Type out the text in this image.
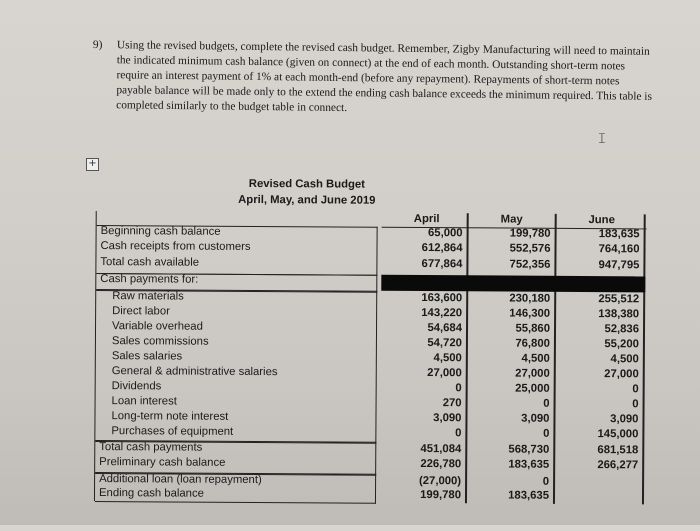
9) Using the revised budgets, complete the revised cash budget. Remember, Zigby Manufacturing will need to maintain the indicated minimum cash balance (given on connect) at the end of each month. Outstanding short-term notes require an interest payment of 1% at each month-end (before any repayment). Repayments of short-term notes payable balance will be made only to the extend the ending cash balance exceeds the minimum required. This table is completed similarly to the budget table in connect.
𝙸
+
Revised Cash Budget
April, May, and June 2019
April	May	June
Beginning cash balance	65,000	199,780	183,635
Cash receipts from customers	612,864	552,576	764,160
Total cash available	677,864	752,356	947,795
Cash payments for:
Raw materials	163,600	230,180	255,512
Direct labor	143,220	146,300	138,380
Variable overhead	54,684	55,860	52,836
Sales commissions	54,720	76,800	55,200
Sales salaries	4,500	4,500	4,500
General & administrative salaries	27,000	27,000	27,000
Dividends	0	25,000	0
Loan interest	270	0	0
Long-term note interest	3,090	3,090	3,090
Purchases of equipment	0	0	145,000
Total cash payments	451,084	568,730	681,518
Preliminary cash balance	226,780	183,635	266,277
Additional loan (loan repayment)	(27,000)	0
Ending cash balance	199,780	183,635
